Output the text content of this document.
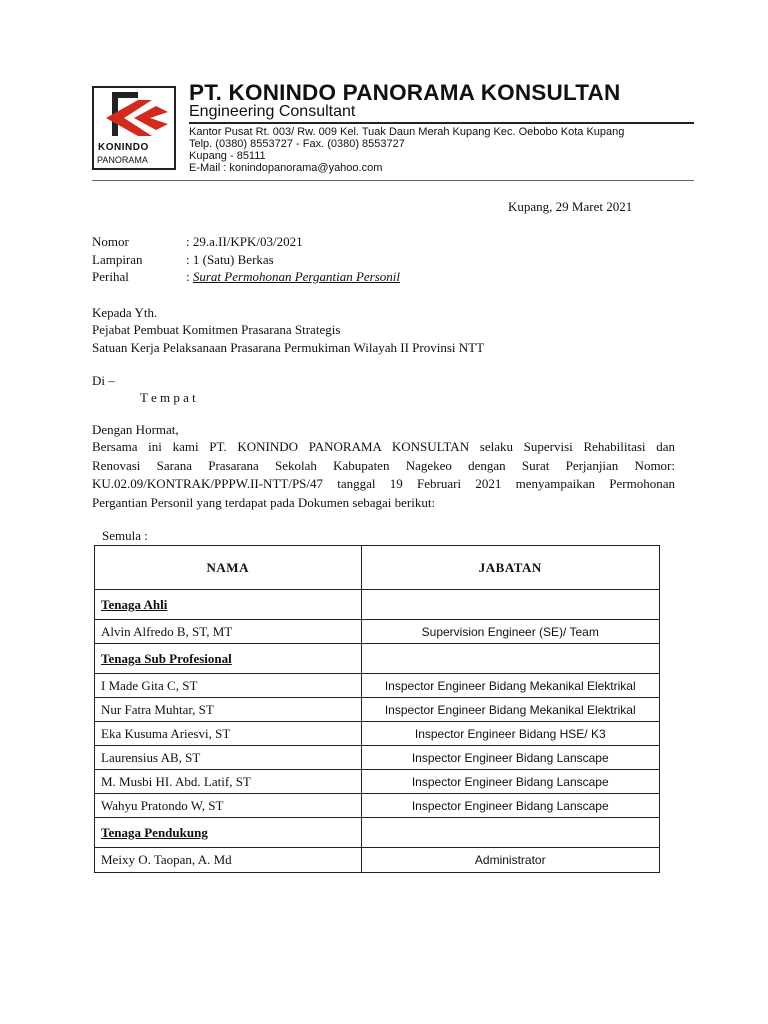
KONINDO
PANORAMA
PT. KONINDO PANORAMA KONSULTAN
Engineering Consultant
Kantor Pusat Rt. 003/ Rw. 009 Kel. Tuak Daun Merah Kupang Kec. Oebobo Kota Kupang
Telp. (0380) 8553727 - Fax. (0380) 8553727
Kupang - 85111
E-Mail : konindopanorama@yahoo.com
Kupang, 29 Maret 2021
Nomor	: 29.a.II/KPK/03/2021
Lampiran	: 1 (Satu) Berkas
Perihal	: Surat Permohonan Pergantian Personil
Kepada Yth.
Pejabat Pembuat Komitmen Prasarana Strategis
Satuan Kerja Pelaksanaan Prasarana Permukiman Wilayah II Provinsi NTT
Di –
T e m p a t
Dengan Hormat,
Bersama ini kami PT. KONINDO PANORAMA KONSULTAN selaku Supervisi Rehabilitasi dan
Renovasi Sarana Prasarana Sekolah Kabupaten Nagekeo dengan Surat Perjanjian Nomor:
KU.02.09/KONTRAK/PPPW.II-NTT/PS/47 tanggal 19 Februari 2021 menyampaikan Permohonan
Pergantian Personil yang terdapat pada Dokumen sebagai berikut:
Semula :
NAMA	JABATAN
Tenaga Ahli	
Alvin Alfredo B, ST, MT	Supervision Engineer (SE)/ Team
Tenaga Sub Profesional	
I Made Gita C, ST	Inspector Engineer Bidang Mekanikal Elektrikal
Nur Fatra Muhtar, ST	Inspector Engineer Bidang Mekanikal Elektrikal
Eka Kusuma Ariesvi, ST	Inspector Engineer Bidang HSE/ K3
Laurensius AB, ST	Inspector Engineer Bidang Lanscape
M. Musbi HI. Abd. Latif, ST	Inspector Engineer Bidang Lanscape
Wahyu Pratondo W, ST	Inspector Engineer Bidang Lanscape
Tenaga Pendukung	
Meixy O. Taopan, A. Md	Administrator
